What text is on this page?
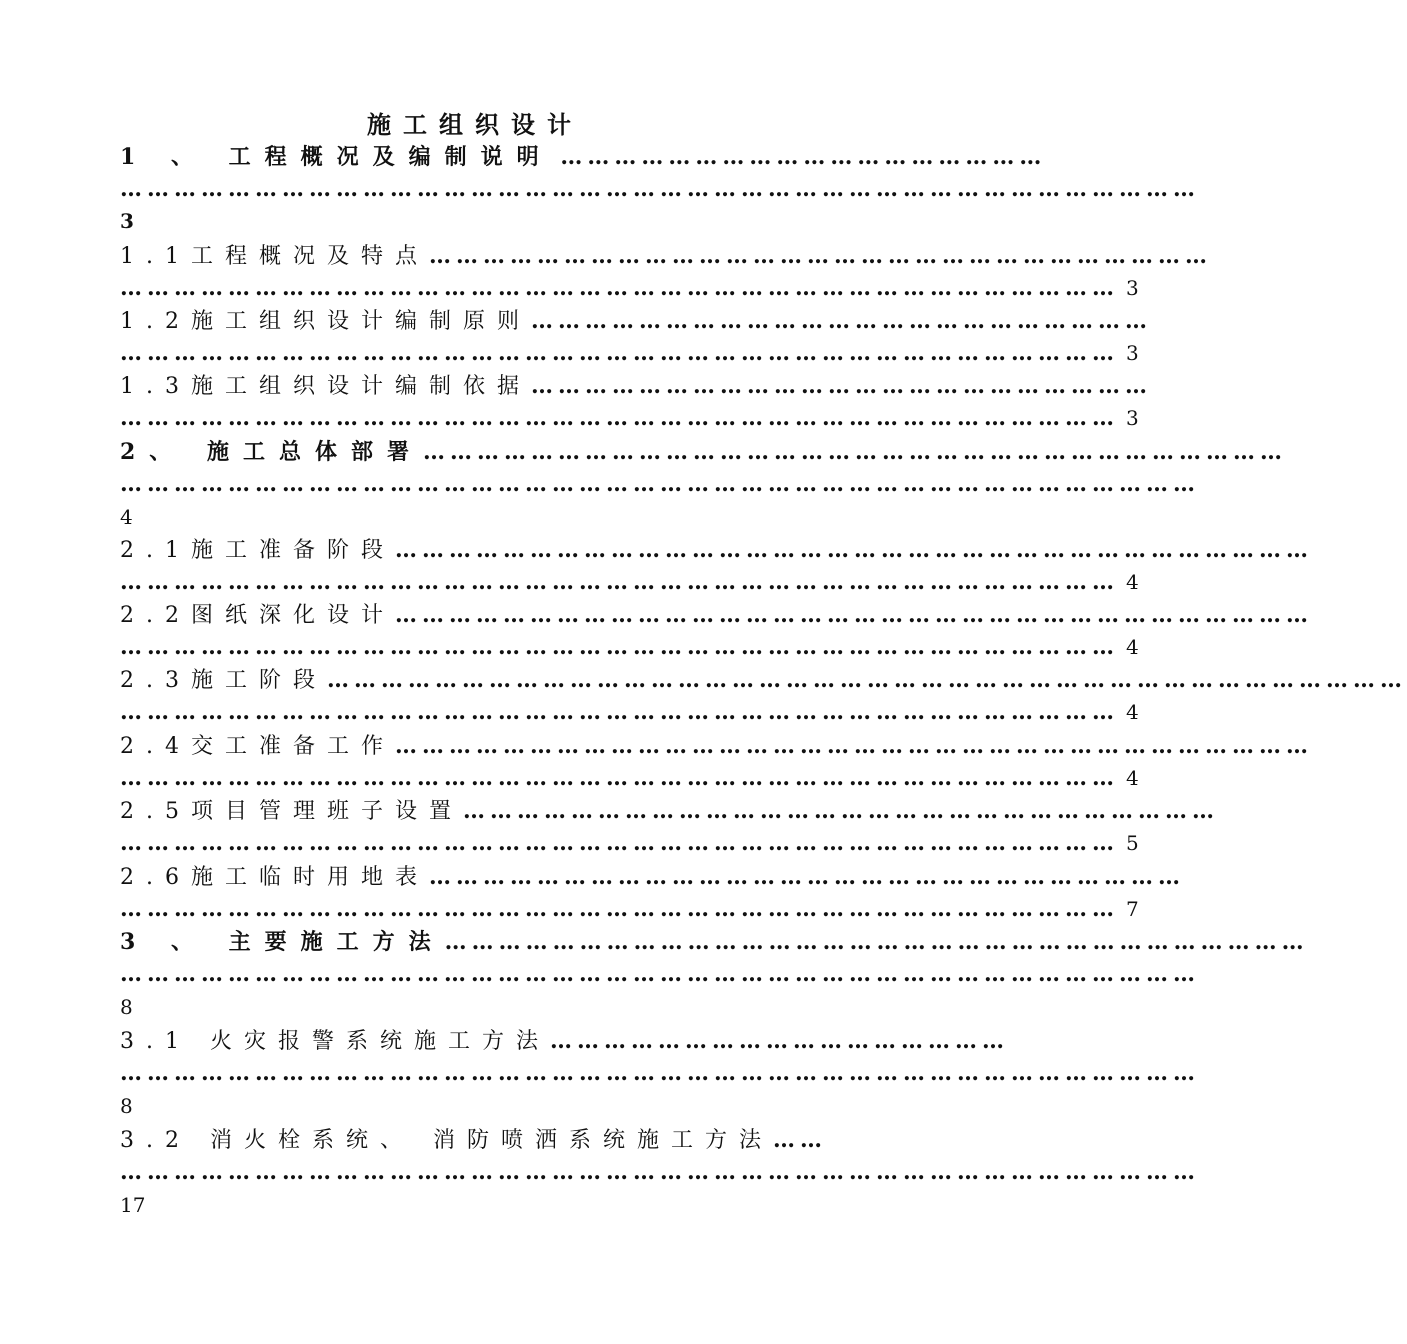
施工组织设计
1 、 工程概况及编制说明 ………………………………………………
…………………………………………………………………………………………………………
3
1.1工程概况及特点……………………………………………………………………………
………………………………………………………………………………………………… 3
1.2施工组织设计编制原则……………………………………………………………
………………………………………………………………………………………………… 3
1.3施工组织设计编制依据……………………………………………………………
………………………………………………………………………………………………… 3
2、 施工总体部署……………………………………………………………………………………
…………………………………………………………………………………………………………
4
2.1施工准备阶段…………………………………………………………………………………………
………………………………………………………………………………………………… 4
2.2图纸深化设计…………………………………………………………………………………………
………………………………………………………………………………………………… 4
2.3施工阶段…………………………………………………………………………………………………………
………………………………………………………………………………………………… 4
2.4交工准备工作…………………………………………………………………………………………
………………………………………………………………………………………………… 4
2.5项目管理班子设置…………………………………………………………………………
………………………………………………………………………………………………… 5
2.6施工临时用地表…………………………………………………………………………
………………………………………………………………………………………………… 7
3 、 主要施工方法……………………………………………………………………………………
…………………………………………………………………………………………………………
8
3.1 火灾报警系统施工方法……………………………………………
…………………………………………………………………………………………………………
8
3.2 消火栓系统、 消防喷洒系统施工方法……
…………………………………………………………………………………………………………
17
